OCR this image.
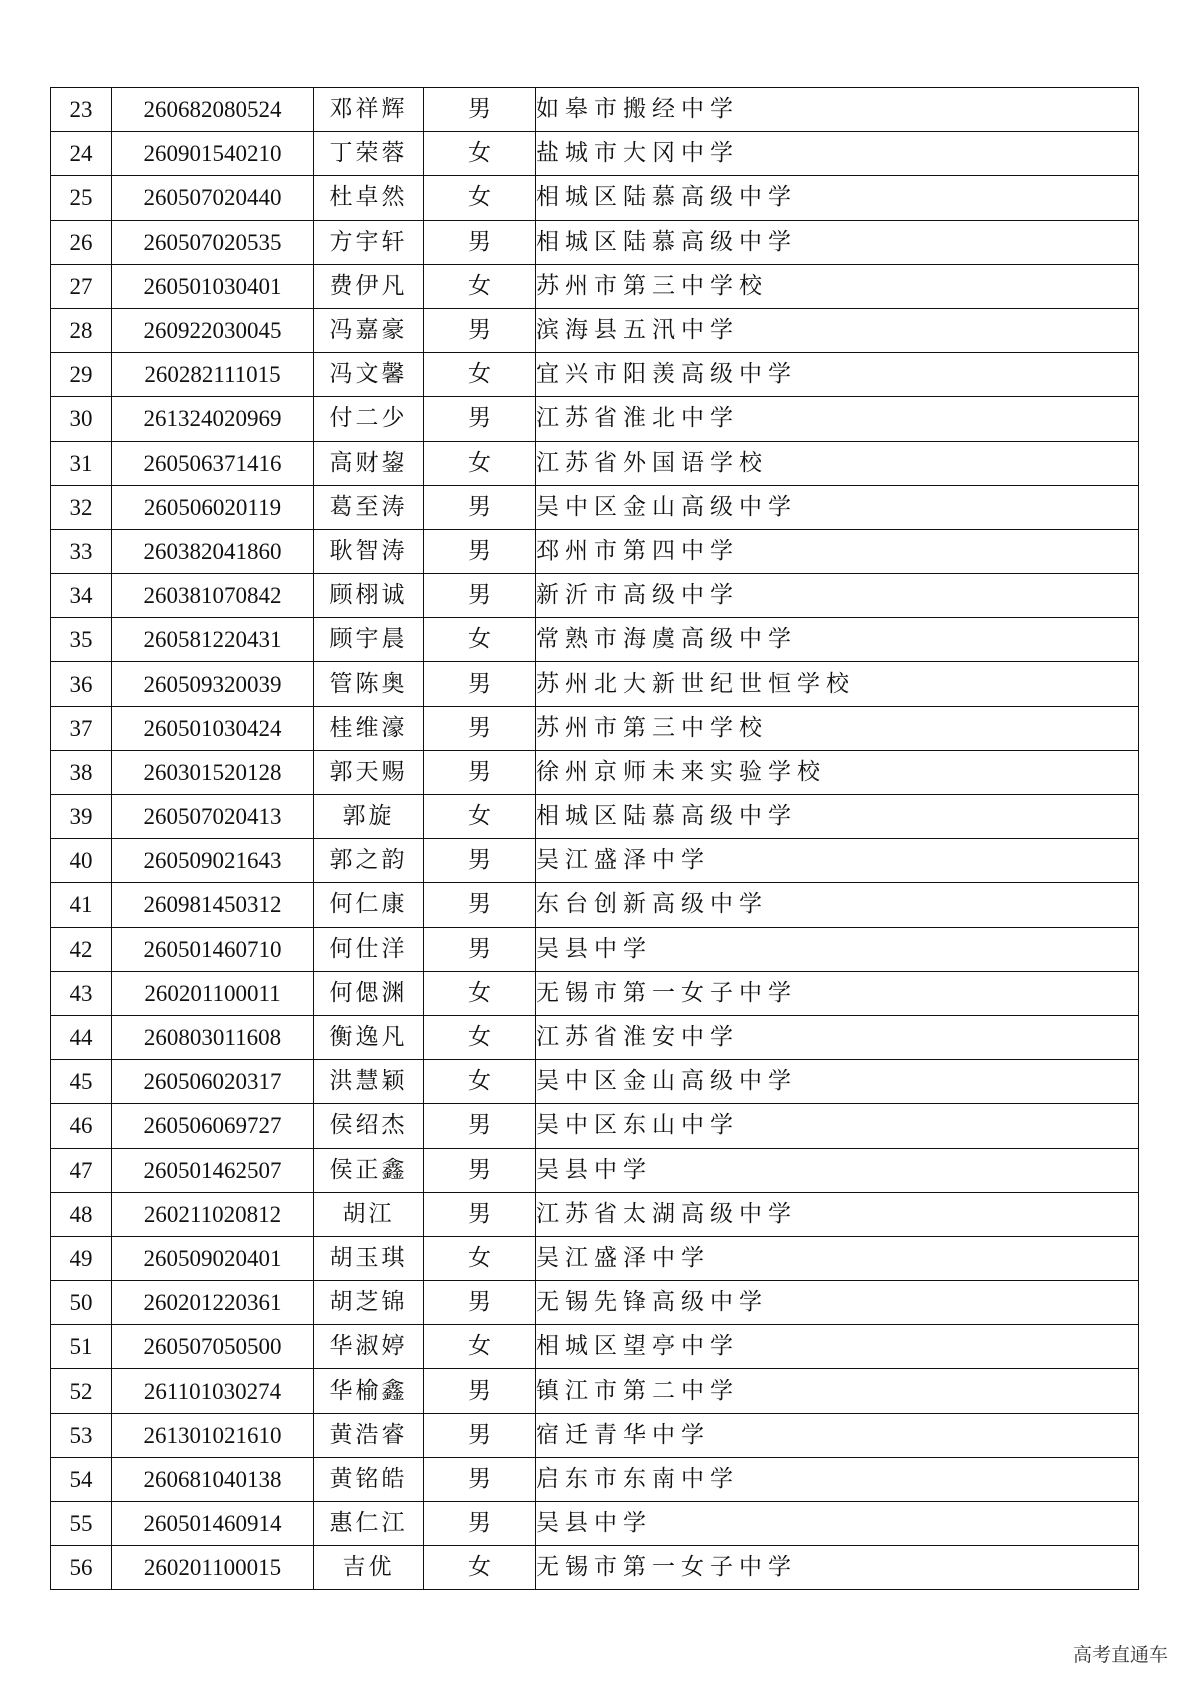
23	260682080524	邓祥辉	男	如皋市搬经中学
24	260901540210	丁荣蓉	女	盐城市大冈中学
25	260507020440	杜卓然	女	相城区陆慕高级中学
26	260507020535	方宇轩	男	相城区陆慕高级中学
27	260501030401	费伊凡	女	苏州市第三中学校
28	260922030045	冯嘉豪	男	滨海县五汛中学
29	260282111015	冯文馨	女	宜兴市阳羡高级中学
30	261324020969	付二少	男	江苏省淮北中学
31	260506371416	高财鋆	女	江苏省外国语学校
32	260506020119	葛至涛	男	吴中区金山高级中学
33	260382041860	耿智涛	男	邳州市第四中学
34	260381070842	顾栩诚	男	新沂市高级中学
35	260581220431	顾宇晨	女	常熟市海虞高级中学
36	260509320039	管陈奥	男	苏州北大新世纪世恒学校
37	260501030424	桂维濠	男	苏州市第三中学校
38	260301520128	郭天赐	男	徐州京师未来实验学校
39	260507020413	郭旋	女	相城区陆慕高级中学
40	260509021643	郭之韵	男	吴江盛泽中学
41	260981450312	何仁康	男	东台创新高级中学
42	260501460710	何仕洋	男	吴县中学
43	260201100011	何偲渊	女	无锡市第一女子中学
44	260803011608	衡逸凡	女	江苏省淮安中学
45	260506020317	洪慧颖	女	吴中区金山高级中学
46	260506069727	侯绍杰	男	吴中区东山中学
47	260501462507	侯正鑫	男	吴县中学
48	260211020812	胡江	男	江苏省太湖高级中学
49	260509020401	胡玉琪	女	吴江盛泽中学
50	260201220361	胡芝锦	男	无锡先锋高级中学
51	260507050500	华淑婷	女	相城区望亭中学
52	261101030274	华榆鑫	男	镇江市第二中学
53	261301021610	黄浩睿	男	宿迁青华中学
54	260681040138	黄铭皓	男	启东市东南中学
55	260501460914	惠仁江	男	吴县中学
56	260201100015	吉优	女	无锡市第一女子中学
高考直通车
